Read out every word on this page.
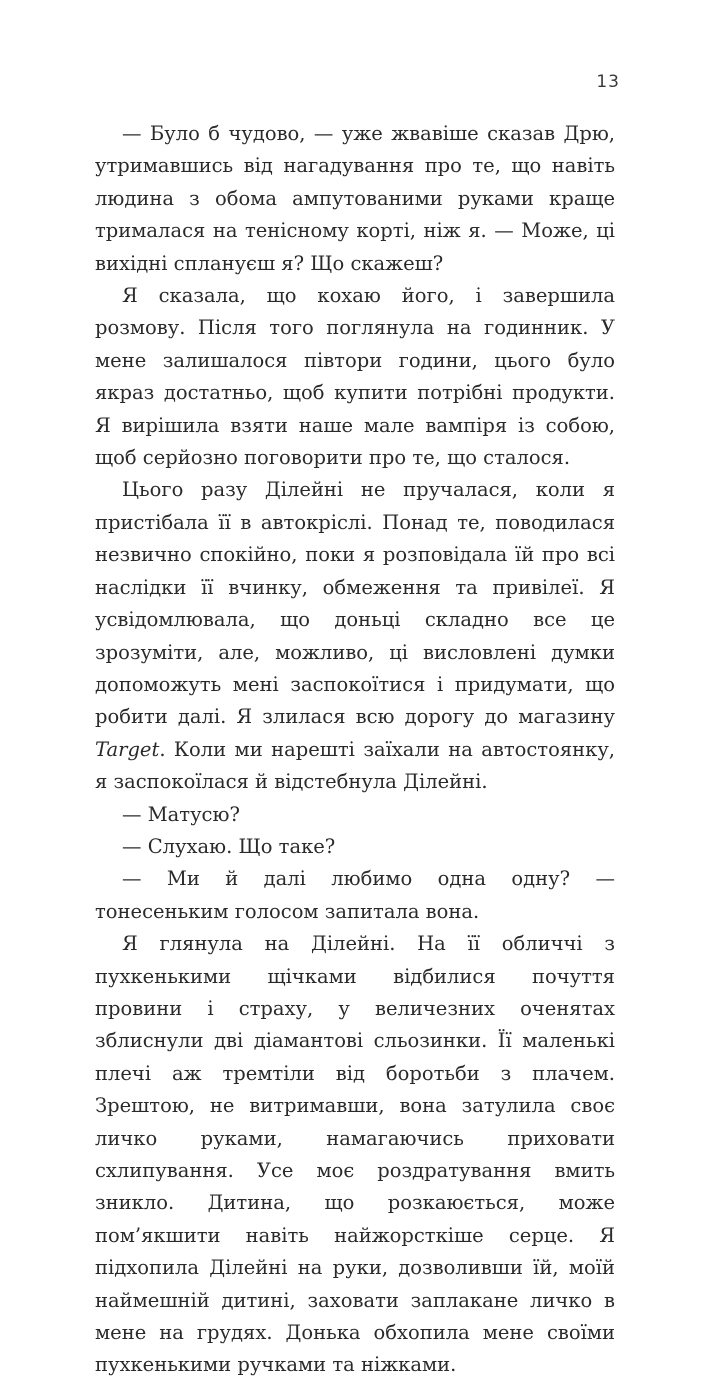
13

— Було б чудово, — уже жвавіше сказав Дрю, утримавшись від нагадування про те, що навіть людина з обома ампутованими руками краще трималася на тенісному корті, ніж я. — Може, ці вихідні сплануєш я? Що скажеш?

Я сказала, що кохаю його, і завершила розмову. Після того поглянула на годинник. У мене залишалося півтори години, цього було якраз достатньо, щоб купити потрібні продукти. Я вирішила взяти наше мале вампіря із собою, щоб серйозно поговорити про те, що сталося.

Цього разу Ділейні не пручалася, коли я пристібала її в автокріслі. Понад те, поводилася незвично спокійно, поки я розповідала їй про всі наслідки її вчинку, обмеження та привілеї. Я усвідомлювала, що доньці складно все це зрозуміти, але, можливо, ці висловлені думки допоможуть мені заспокоїтися і придумати, що робити далі. Я злилася всю дорогу до магазину Target. Коли ми нарешті заїхали на автостоянку, я заспокоїлася й відстебнула Ділейні.

— Матусю?

— Слухаю. Що таке?

— Ми й далі любимо одна одну? — тонесеньким голосом запитала вона.

Я глянула на Ділейні. На її обличчі з пухкенькими щічками відбилися почуття провини і страху, у величезних оченятах зблиснули дві діамантові сльозинки. Її маленькі плечі аж тремтіли від боротьби з плачем. Зрештою, не витримавши, вона затулила своє личко руками, намагаючись приховати схлипування. Усе моє роздратування вмить зникло. Дитина, що розкаюється, може пом’якшити навіть найжорсткіше серце. Я підхопила Ділейні на руки, дозволивши їй, моїй наймешній дитині, заховати заплакане личко в мене на грудях. Донька обхопила мене своїми пухкенькими ручками та ніжками.
